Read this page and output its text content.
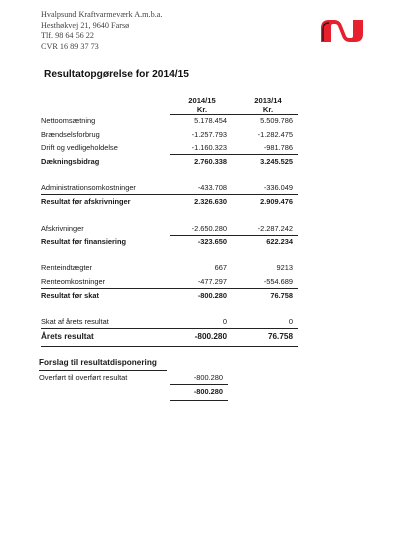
Hvalpsund Kraftvarmeværk A.m.b.a.
Hesthøkvej 21, 9640 Farsø
Tlf. 98 64 56 22
CVR 16 89 37 73
Resultatopgørelse for 2014/15
2014/15
Kr.
2013/14
Kr.
Nettoomsætning	5.178.454	5.509.786
Brændselsforbrug	-1.257.793	-1.282.475
Drift og vedligeholdelse	-1.160.323	-981.786
Dækningsbidrag	2.760.338	3.245.525
Administrationsomkostninger	-433.708	-336.049
Resultat før afskrivninger	2.326.630	2.909.476
Afskrivninger	-2.650.280	-2.287.242
Resultat før finansiering	-323.650	622.234
Renteindtægter	667	9213
Renteomkostninger	-477.297	-554.689
Resultat før skat	-800.280	76.758
Skat af årets resultat	0	0
Årets resultat	-800.280	76.758
Forslag til resultatdisponering
Overført til overført resultat	-800.280
-800.280
